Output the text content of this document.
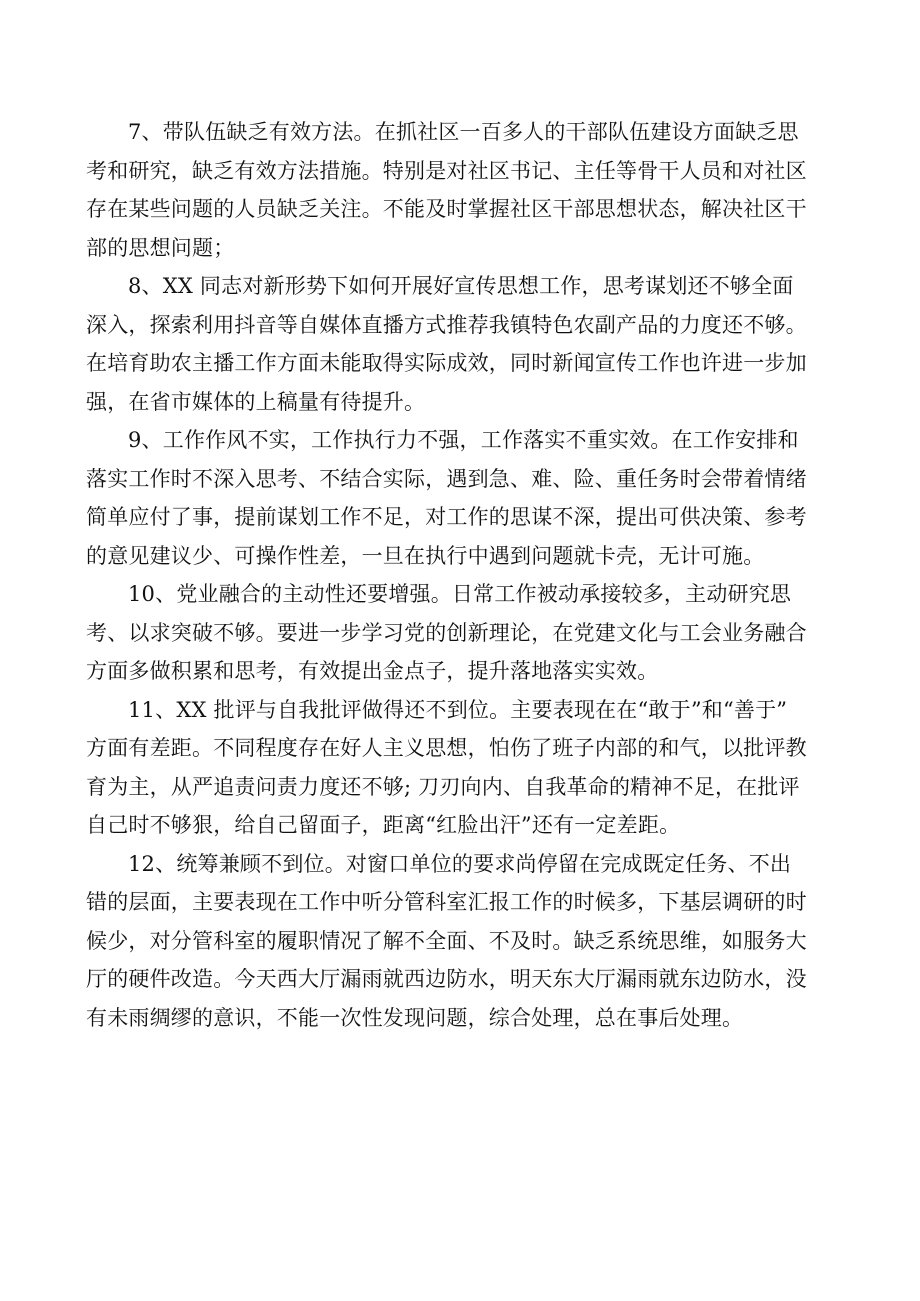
7、带队伍缺乏有效方法。在抓社区一百多人的干部队伍建设方面缺乏思
考和研究，缺乏有效方法措施。特别是对社区书记、主任等骨干人员和对社区
存在某些问题的人员缺乏关注。不能及时掌握社区干部思想状态，解决社区干
部的思想问题；

8、XX 同志对新形势下如何开展好宣传思想工作，思考谋划还不够全面
深入，探索利用抖音等自媒体直播方式推荐我镇特色农副产品的力度还不够。
在培育助农主播工作方面未能取得实际成效，同时新闻宣传工作也许进一步加
强，在省市媒体的上稿量有待提升。

9、工作作风不实，工作执行力不强，工作落实不重实效。在工作安排和
落实工作时不深入思考、不结合实际，遇到急、难、险、重任务时会带着情绪
简单应付了事，提前谋划工作不足，对工作的思谋不深，提出可供决策、参考
的意见建议少、可操作性差，一旦在执行中遇到问题就卡壳，无计可施。

10、党业融合的主动性还要增强。日常工作被动承接较多，主动研究思
考、以求突破不够。要进一步学习党的创新理论，在党建文化与工会业务融合
方面多做积累和思考，有效提出金点子，提升落地落实实效。

11、XX 批评与自我批评做得还不到位。主要表现在在“敢于”和“善于”
方面有差距。不同程度存在好人主义思想，怕伤了班子内部的和气，以批评教
育为主，从严追责问责力度还不够; 刀刃向内、自我革命的精神不足，在批评
自己时不够狠，给自己留面子，距离“红脸出汗”还有一定差距。

12、统筹兼顾不到位。对窗口单位的要求尚停留在完成既定任务、不出
错的层面，主要表现在工作中听分管科室汇报工作的时候多，下基层调研的时
候少，对分管科室的履职情况了解不全面、不及时。缺乏系统思维，如服务大
厅的硬件改造。今天西大厅漏雨就西边防水，明天东大厅漏雨就东边防水，没
有未雨绸缪的意识，不能一次性发现问题，综合处理，总在事后处理。
